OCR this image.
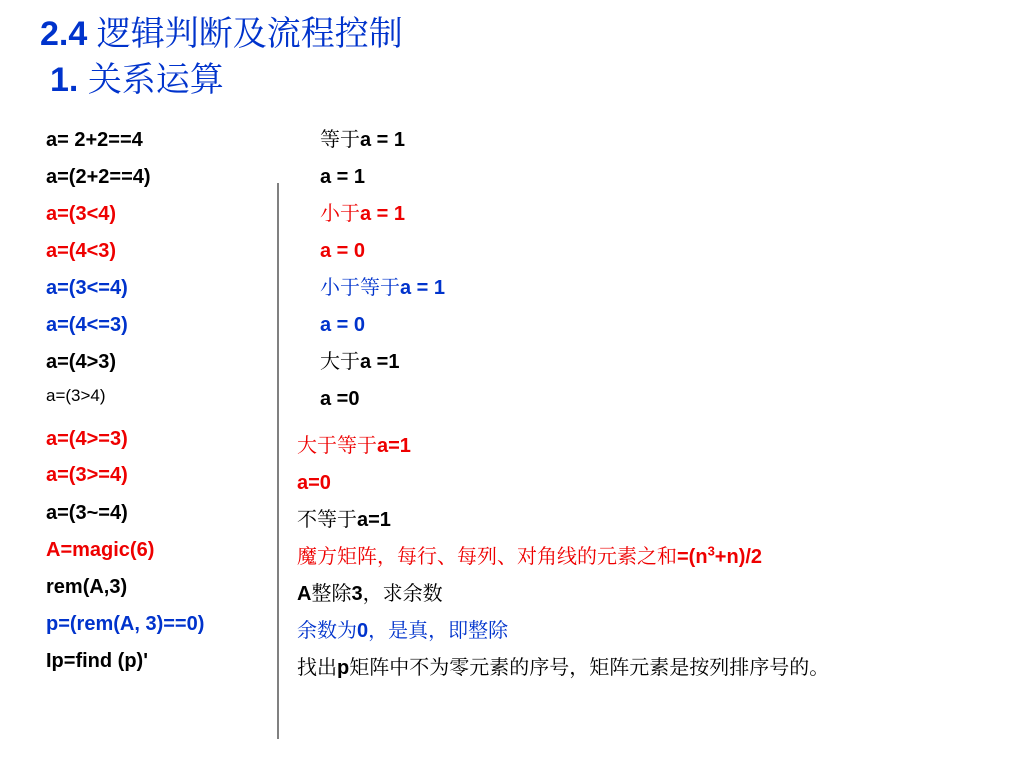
2.4 逻辑判断及流程控制
1. 关系运算
a= 2+2==4
a=(2+2==4)
a=(3<4)
a=(4<3)
a=(3<=4)
a=(4<=3)
a=(4>3)
a=(3>4)
a=(4>=3)
a=(3>=4)
a=(3~=4)
A=magic(6)
rem(A,3)
p=(rem(A, 3)==0)
Ip=find (p)'
等于a = 1
a = 1
小于a = 1
a = 0
小于等于a = 1
a = 0
大于a =1
a =0
大于等于a=1
a=0
不等于a=1
魔方矩阵，每行、每列、对角线的元素之和$=(n^3+n)/2$
A整除3，求余数
余数为0，是真，即整除
找出p矩阵中不为零元素的序号，矩阵元素是按列排序号的。
